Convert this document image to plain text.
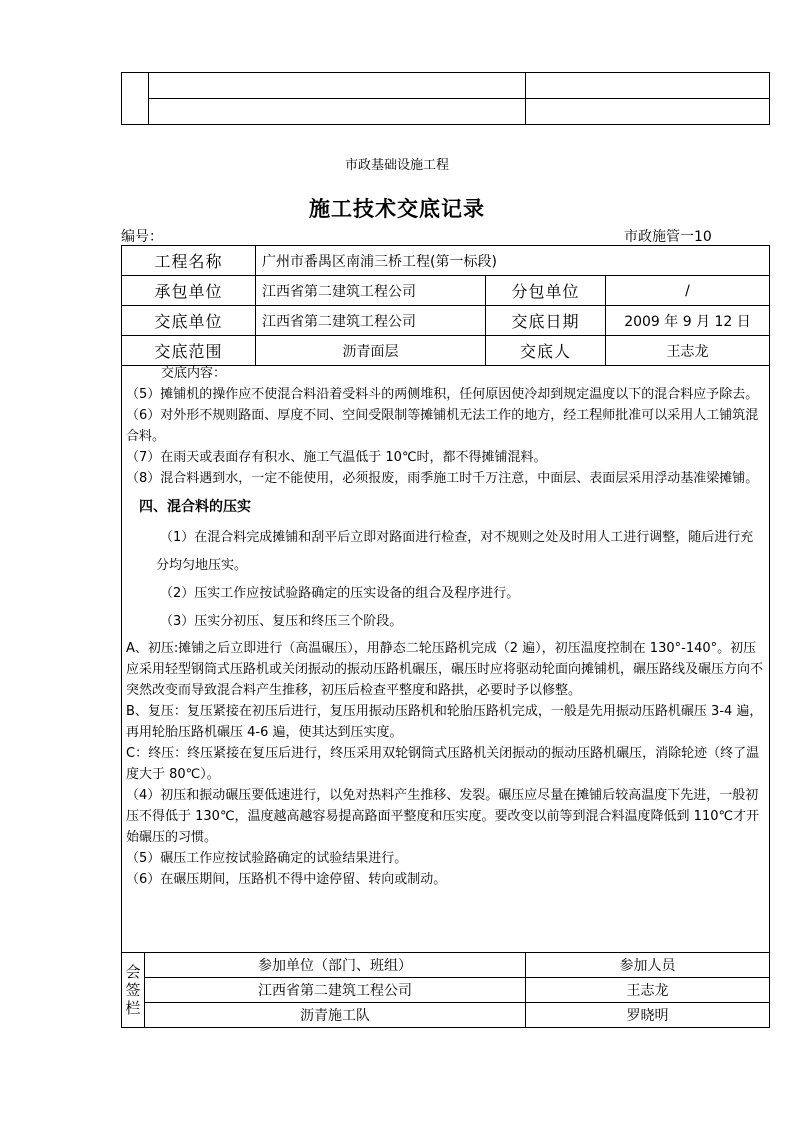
市政基础设施工程
施工技术交底记录
编号：	市政施管一10
工程名称	广州市番禺区南浦三桥工程(第一标段)		
承包单位	江西省第二建筑工程公司	分包单位	/
交底单位	江西省第二建筑工程公司	交底日期	2009 年 9 月 12 日
交底范围	沥青面层	交底人	王志龙

交底内容：

（5）摊铺机的操作应不使混合料沿着受料斗的两侧堆积，任何原因使冷却到规定温度以下的混合料应予除去。

（6）对外形不规则路面、厚度不同、空间受限制等摊铺机无法工作的地方，经工程师批准可以采用人工铺筑混合料。

（7）在雨天或表面存有积水、施工气温低于 10℃时，都不得摊铺混料。

（8）混合料遇到水，一定不能使用，必须报废，雨季施工时千万注意，中面层、表面层采用浮动基准梁摊铺。

四、混合料的压实

（1）在混合料完成摊铺和刮平后立即对路面进行检查，对不规则之处及时用人工进行调整，随后进行充分均匀地压实。

（2）压实工作应按试验路确定的压实设备的组合及程序进行。

（3）压实分初压、复压和终压三个阶段。

A、初压:摊铺之后立即进行（高温碾压），用静态二轮压路机完成（2 遍），初压温度控制在 130°-140°。初压应采用轻型钢筒式压路机或关闭振动的振动压路机碾压，碾压时应将驱动轮面向摊铺机，碾压路线及碾压方向不突然改变而导致混合料产生推移，初压后检查平整度和路拱，必要时予以修整。

B、复压：复压紧接在初压后进行，复压用振动压路机和轮胎压路机完成，一般是先用振动压路机碾压 3-4 遍，再用轮胎压路机碾压 4-6 遍，使其达到压实度。

C：终压：终压紧接在复压后进行，终压采用双轮钢筒式压路机关闭振动的振动压路机碾压，消除轮迹（终了温度大于 80℃）。

（4）初压和振动碾压要低速进行，以免对热料产生推移、发裂。碾压应尽量在摊铺后较高温度下先进，一般初压不得低于 130℃，温度越高越容易提高路面平整度和压实度。要改变以前等到混合料温度降低到 110℃才开始碾压的习惯。

（5）碾压工作应按试验路确定的试验结果进行。

（6）在碾压期间，压路机不得中途停留、转向或制动。

会签栏	参加单位（部门、班组）	参加人员
	江西省第二建筑工程公司	王志龙
	沥青施工队	罗晓明
